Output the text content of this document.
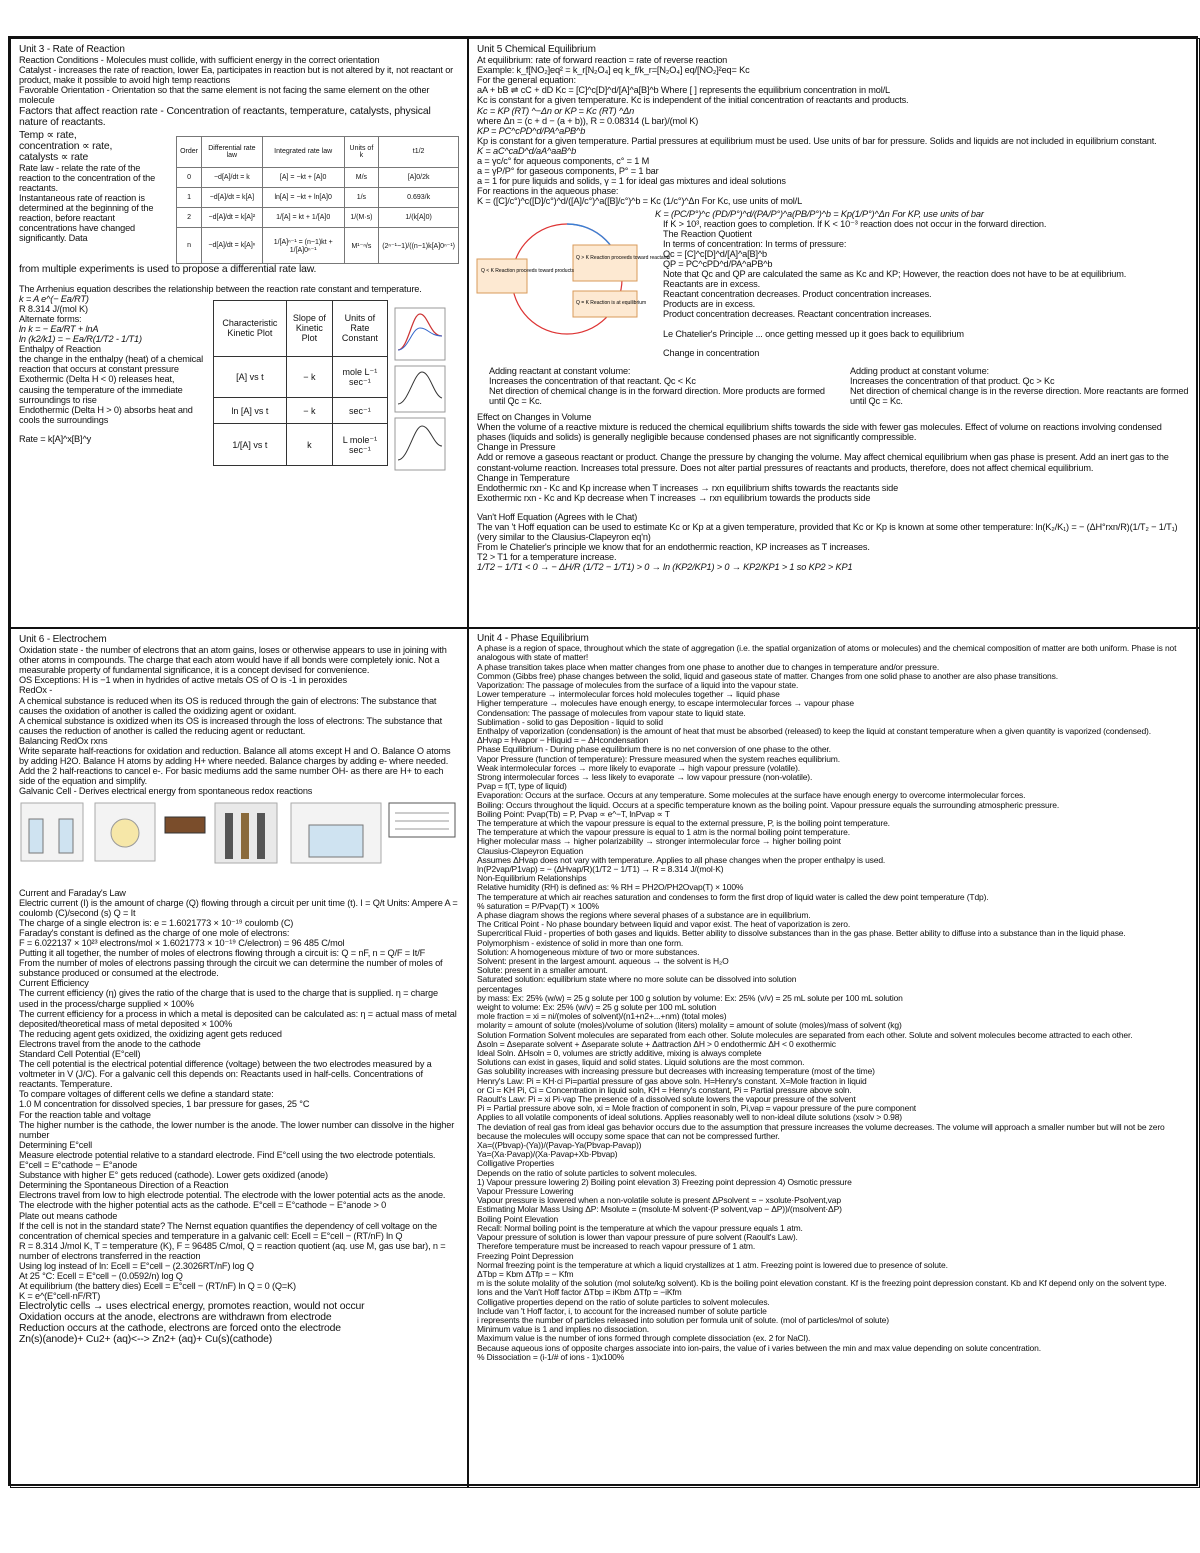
Unit 3 - Rate of Reaction

Reaction Conditions - Molecules must collide, with sufficient energy in the correct orientation

Catalyst - increases the rate of reaction, lower Ea, participates in reaction but is not altered by it, not reactant or product, make it possible to avoid high temp reactions

Favorable Orientation - Orientation so that the same element is not facing the same element on the other molecule

Factors that affect reaction rate - Concentration of reactants, temperature, catalysts, physical

nature of reactants.

Temp ∝ rate,

concentration ∝ rate,

catalysts ∝ rate

Rate law - relate the rate of the reaction to the concentration of the reactants.

Instantaneous rate of reaction is determined at the beginning of the reaction, before reactant concentrations have changed significantly. Data

Order	Differential rate law	Integrated rate law	Units of k	t1/2
0	−d[A]/dt = k	[A] = −kt + [A]0	M/s	[A]0/2k
1	−d[A]/dt = k[A]	ln[A] = −kt + ln[A]0	1/s	0.693/k
2	−d[A]/dt = k[A]²	1/[A] = kt + 1/[A]0	1/(M·s)	1/(k[A]0)
n	−d[A]/dt = k[A]ⁿ	1/[A]ⁿ⁻¹ = (n−1)kt + 1/[A]0ⁿ⁻¹	M¹⁻ⁿ/s	(2ⁿ⁻¹−1)/((n−1)k[A]0ⁿ⁻¹)

from multiple experiments is used to propose a differential rate law.

The Arrhenius equation describes the relationship between the reaction rate constant and temperature.

k = A e^(− Ea/RT)

R 8.314 J/(mol K)

Alternate forms:

ln k = − Ea/RT + lnA

ln (k2/k1) = − Ea/R(1/T2 - 1/T1)

Enthalpy of Reaction

the change in the enthalpy (heat) of a chemical reaction that occurs at constant pressure

Exothermic (Delta H < 0) releases heat, causing the temperature of the immediate surroundings to rise

Endothermic (Delta H > 0) absorbs heat and cools the surroundings

Rate = k[A]^x[B]^y

Characteristic Kinetic Plot	Slope of Kinetic Plot	Units of Rate Constant
[A] vs t	− k	mole L⁻¹ sec⁻¹
ln [A] vs t	− k	sec⁻¹
1/[A] vs t	k	L mole⁻¹ sec⁻¹

Unit 5 Chemical Equilibrium

At equilibrium: rate of forward reaction = rate of reverse reaction

Example: k_f[NO₂]eq² = k_r[N₂O₄] eq k_f/k_r=[N₂O₄] eq/[NO₂]²eq= Kc

For the general equation:

aA + bB ⇌ cC + dD Kc = [C]^c[D]^d/[A]^a[B]^b Where [ ] represents the equilibrium concentration in mol/L

Kc is constant for a given temperature. Kc is independent of the initial concentration of reactants and products.

Kc = KP (RT) ^−Δn or KP = Kc (RT) ^Δn

where Δn = (c + d − (a + b)), R = 0.08314 (L bar)/(mol K)

KP = PC^cPD^d/PA^aPB^b

Kp is constant for a given temperature. Partial pressures at equilibrium must be used. Use units of bar for pressure. Solids and liquids are not included in equilibrium constant.

K = aC^caD^d/aA^aaB^b

a = γc/c° for aqueous components, c° = 1 M

a = γP/P° for gaseous components, P° = 1 bar

a = 1 for pure liquids and solids, γ = 1 for ideal gas mixtures and ideal solutions

For reactions in the aqueous phase:

K = ([C]/c°)^c([D]/c°)^d/([A]/c°)^a([B]/c°)^b = Kc (1/c°)^Δn For Kc, use units of mol/L

Q < K Reaction proceeds toward products
Q > K Reaction proceeds toward reactants
Q = K Reaction is at equilibrium

K = (PC/P°)^c (PD/P°)^d/(PA/P°)^a(PB/P°)^b = Kp(1/P°)^Δn For KP, use units of bar

If K > 10³, reaction goes to completion. If K < 10⁻³ reaction does not occur in the forward direction.

The Reaction Quotient

In terms of concentration: In terms of pressure:

Qc = [C]^c[D]^d/[A]^a[B]^b

QP = PC^cPD^d/PA^aPB^b

Note that Qc and QP are calculated the same as Kc and KP; However, the reaction does not have to be at equilibrium.

Reactants are in excess.

Reactant concentration decreases. Product concentration increases.

Products are in excess.

Product concentration decreases. Reactant concentration increases.

Le Chatelier's Principle ... once getting messed up it goes back to equilibrium

Change in concentration

Adding reactant at constant volume:

Increases the concentration of that reactant. Qc < Kc

Net direction of chemical change is in the forward direction. More products are formed until Qc = Kc.

Adding product at constant volume:

Increases the concentration of that product. Qc > Kc

Net direction of chemical change is in the reverse direction. More reactants are formed until Qc = Kc.

Effect on Changes in Volume

When the volume of a reactive mixture is reduced the chemical equilibrium shifts towards the side with fewer gas molecules. Effect of volume on reactions involving condensed phases (liquids and solids) is generally negligible because condensed phases are not significantly compressible.

Change in Pressure

Add or remove a gaseous reactant or product. Change the pressure by changing the volume. May affect chemical equilibrium when gas phase is present. Add an inert gas to the constant-volume reaction. Increases total pressure. Does not alter partial pressures of reactants and products, therefore, does not affect chemical equilibrium.

Change in Temperature

Endothermic rxn - Kc and Kp increase when T increases → rxn equilibrium shifts towards the reactants side

Exothermic rxn - Kc and Kp decrease when T increases → rxn equilibrium towards the products side

Van't Hoff Equation (Agrees with le Chat)

The van 't Hoff equation can be used to estimate Kc or Kp at a given temperature, provided that Kc or Kp is known at some other temperature: ln(K₂/K₁) = − (ΔH°rxn/R)(1/T₂ − 1/T₁) (very similar to the Clausius-Clapeyron eq'n)

From le Chatelier's principle we know that for an endothermic reaction, KP increases as T increases.

T2 > T1 for a temperature increase.

1/T2 − 1/T1 < 0 → − ΔH/R (1/T2 − 1/T1) > 0 → ln (KP2/KP1) > 0 → KP2/KP1 > 1 so KP2 > KP1

Unit 6 - Electrochem

Oxidation state - the number of electrons that an atom gains, loses or otherwise appears to use in joining with other atoms in compounds. The charge that each atom would have if all bonds were completely ionic. Not a measurable property of fundamental significance, it is a concept devised for convenience.

OS Exceptions: H is −1 when in hydrides of active metals OS of O is -1 in peroxides

RedOx -

A chemical substance is reduced when its OS is reduced through the gain of electrons: The substance that causes the oxidation of another is called the oxidizing agent or oxidant.

A chemical substance is oxidized when its OS is increased through the loss of electrons: The substance that causes the reduction of another is called the reducing agent or reductant.

Balancing RedOx rxns

Write separate half-reactions for oxidation and reduction. Balance all atoms except H and O. Balance O atoms by adding H2O. Balance H atoms by adding H+ where needed. Balance charges by adding e- where needed. Add the 2 half-reactions to cancel e-. For basic mediums add the same number OH- as there are H+ to each side of the equation and simplify.

Galvanic Cell - Derives electrical energy from spontaneous redox reactions

Current and Faraday's Law

Electric current (I) is the amount of charge (Q) flowing through a circuit per unit time (t). I = Q/t Units: Ampere A = coulomb (C)/second (s) Q = It

The charge of a single electron is: e = 1.6021773 × 10⁻¹⁹ coulomb (C)

Faraday's constant is defined as the charge of one mole of electrons:

F = 6.022137 × 10²³ electrons/mol × 1.6021773 × 10⁻¹⁹ C/electron) = 96 485 C/mol

Putting it all together, the number of moles of electrons flowing through a circuit is: Q = nF, n = Q/F = It/F

From the number of moles of electrons passing through the circuit we can determine the number of moles of substance produced or consumed at the electrode.

Current Efficiency

The current efficiency (η) gives the ratio of the charge that is used to the charge that is supplied. η = charge used in the process/charge supplied × 100%

The current efficiency for a process in which a metal is deposited can be calculated as: η = actual mass of metal deposited/theoretical mass of metal deposited × 100%

The reducing agent gets oxidized, the oxidizing agent gets reduced

Electrons travel from the anode to the cathode

Standard Cell Potential (E°cell)

The cell potential is the electrical potential difference (voltage) between the two electrodes measured by a voltmeter in V (J/C). For a galvanic cell this depends on: Reactants used in half-cells. Concentrations of reactants. Temperature.

To compare voltages of different cells we define a standard state:

1.0 M concentration for dissolved species, 1 bar pressure for gases, 25 °C

For the reaction table and voltage

The higher number is the cathode, the lower number is the anode. The lower number can dissolve in the higher number

Determining E°cell

Measure electrode potential relative to a standard electrode. Find E°cell using the two electrode potentials. E°cell = E°cathode − E°anode

Substance with higher E° gets reduced (cathode). Lower gets oxidized (anode)

Determining the Spontaneous Direction of a Reaction

Electrons travel from low to high electrode potential. The electrode with the lower potential acts as the anode. The electrode with the higher potential acts as the cathode. E°cell = E°cathode − E°anode > 0

Plate out means cathode

If the cell is not in the standard state? The Nernst equation quantifies the dependency of cell voltage on the concentration of chemical species and temperature in a galvanic cell: Ecell = E°cell − (RT/nF) ln Q

R = 8.314 J/mol K, T = temperature (K), F = 96485 C/mol, Q = reaction quotient (aq. use M, gas use bar), n = number of electrons transferred in the reaction

Using log instead of ln: Ecell = E°cell − (2.3026RT/nF) log Q

At 25 °C: Ecell = E°cell − (0.0592/n) log Q

At equilibrium (the battery dies) Ecell = E°cell − (RT/nF) ln Q = 0 (Q=K)

K = e^(E°cell·nF/RT)

Electrolytic cells → uses electrical energy, promotes reaction, would not occur

Oxidation occurs at the anode, electrons are withdrawn from electrode

Reduction occurs at the cathode, electrons are forced onto the electrode

Zn(s)(anode)+ Cu2+ (aq)<--> Zn2+ (aq)+ Cu(s)(cathode)

Unit 4 - Phase Equilibrium

A phase is a region of space, throughout which the state of aggregation (i.e. the spatial organization of atoms or molecules) and the chemical composition of matter are both uniform. Phase is not analogous with state of matter!

A phase transition takes place when matter changes from one phase to another due to changes in temperature and/or pressure.

Common (Gibbs free) phase changes between the solid, liquid and gaseous state of matter. Changes from one solid phase to another are also phase transitions.

Vaporization: The passage of molecules from the surface of a liquid into the vapour state.

Lower temperature → intermolecular forces hold molecules together → liquid phase

Higher temperature → molecules have enough energy, to escape intermolecular forces → vapour phase

Condensation: The passage of molecules from vapour state to liquid state.

Sublimation - solid to gas Deposition - liquid to solid

Enthalpy of vaporization (condensation) is the amount of heat that must be absorbed (released) to keep the liquid at constant temperature when a given quantity is vaporized (condensed).

ΔHvap = Hvapor − Hliquid = − ΔHcondensation

Phase Equilibrium - During phase equilibrium there is no net conversion of one phase to the other.

Vapor Pressure (function of temperature): Pressure measured when the system reaches equilibrium.

Weak intermolecular forces → more likely to evaporate → high vapour pressure (volatile).

Strong intermolecular forces → less likely to evaporate → low vapour pressure (non-volatile).

Pvap = f(T, type of liquid)

Evaporation: Occurs at the surface. Occurs at any temperature. Some molecules at the surface have enough energy to overcome intermolecular forces.

Boiling: Occurs throughout the liquid. Occurs at a specific temperature known as the boiling point. Vapour pressure equals the surrounding atmospheric pressure.

Boiling Point: Pvap(Tb) = P, Pvap ∝ e^−T, lnPvap ∝ T

The temperature at which the vapour pressure is equal to the external pressure, P, is the boiling point temperature.

The temperature at which the vapour pressure is equal to 1 atm is the normal boiling point temperature.

Higher molecular mass → higher polarizability → stronger intermolecular force → higher boiling point

Clausius-Clapeyron Equation

Assumes ΔHvap does not vary with temperature. Applies to all phase changes when the proper enthalpy is used.

ln(P2vap/P1vap) = − (ΔHvap/R)(1/T2 − 1/T1) → R = 8.314 J/(mol·K)

Non-Equilibrium Relationships

Relative humidity (RH) is defined as: % RH = PH2O/PH2Ovap(T) × 100%

The temperature at which air reaches saturation and condenses to form the first drop of liquid water is called the dew point temperature (Tdp).

% saturation = P/Pvap(T) × 100%

A phase diagram shows the regions where several phases of a substance are in equilibrium.

The Critical Point - No phase boundary between liquid and vapor exist. The heat of vaporization is zero.

Supercritical Fluid - properties of both gases and liquids. Better ability to dissolve substances than in the gas phase. Better ability to diffuse into a substance than in the liquid phase.

Polymorphism - existence of solid in more than one form.

Solution: A homogeneous mixture of two or more substances.

Solvent: present in the largest amount. aqueous → the solvent is H₂O

Solute: present in a smaller amount.

Saturated solution: equilibrium state where no more solute can be dissolved into solution

percentages

by mass: Ex: 25% (w/w) = 25 g solute per 100 g solution by volume: Ex: 25% (v/v) = 25 mL solute per 100 mL solution

weight to volume: Ex: 25% (w/v) = 25 g solute per 100 mL solution

mole fraction = xi = ni/(moles of solvent)/(n1+n2+...+nm) (total moles)

molarity = amount of solute (moles)/volume of solution (liters) molality = amount of solute (moles)/mass of solvent (kg)

Solution Formation Solvent molecules are separated from each other. Solute molecules are separated from each other. Solute and solvent molecules become attracted to each other.

Δsoln = Δseparate solvent + Δseparate solute + Δattraction ΔH > 0 endothermic ΔH < 0 exothermic

Ideal Soln. ΔHsoln = 0, volumes are strictly additive, mixing is always complete

Solutions can exist in gases, liquid and solid states. Liquid solutions are the most common.

Gas solubility increases with increasing pressure but decreases with increasing temperature (most of the time)

Henry's Law: Pi = KH·ci Pi=partial pressure of gas above soln. H=Henry's constant. X=Mole fraction in liquid

or Ci = KH Pi, Ci = Concentration in liquid soln, KH = Henry's constant, Pi = Partial pressure above soln.

Raoult's Law: Pi = xi Pi·vap The presence of a dissolved solute lowers the vapour pressure of the solvent

Pi = Partial pressure above soln, xi = Mole fraction of component in soln, Pi,vap = vapour pressure of the pure component

Applies to all volatile components of ideal solutions. Applies reasonably well to non-ideal dilute solutions (xsolv > 0.98)

The deviation of real gas from ideal gas behavior occurs due to the assumption that pressure increases the volume decreases. The volume will approach a smaller number but will not be zero because the molecules will occupy some space that can not be compressed further.

Xa=((Pbvap)-(Ya))/(Pavap-Ya(Pbvap-Pavap))

Ya=(Xa·Pavap)/(Xa·Pavap+Xb·Pbvap)

Colligative Properties

Depends on the ratio of solute particles to solvent molecules.

1) Vapour pressure lowering 2) Boiling point elevation 3) Freezing point depression 4) Osmotic pressure

Vapour Pressure Lowering

Vapour pressure is lowered when a non-volatile solute is present ΔPsolvent = − xsolute·Psolvent,vap

Estimating Molar Mass Using ΔP: Msolute = (msolute·M solvent·(P solvent,vap − ΔP))/(msolvent·ΔP)

Boiling Point Elevation

Recall: Normal boiling point is the temperature at which the vapour pressure equals 1 atm.

Vapour pressure of solution is lower than vapour pressure of pure solvent (Raoult's Law).

Therefore temperature must be increased to reach vapour pressure of 1 atm.

Freezing Point Depression

Normal freezing point is the temperature at which a liquid crystallizes at 1 atm. Freezing point is lowered due to presence of solute.

ΔTbp = Kbm ΔTfp = − Kfm

m is the solute molality of the solution (mol solute/kg solvent). Kb is the boiling point elevation constant. Kf is the freezing point depression constant. Kb and Kf depend only on the solvent type.

Ions and the Van't Hoff factor ΔTbp = iKbm ΔTfp = −iKfm

Colligative properties depend on the ratio of solute particles to solvent molecules.

Include van 't Hoff factor, i, to account for the increased number of solute particle

i represents the number of particles released into solution per formula unit of solute. (mol of particles/mol of solute)

Minimum value is 1 and implies no dissociation.

Maximum value is the number of ions formed through complete dissociation (ex. 2 for NaCl).

Because aqueous ions of opposite charges associate into ion-pairs, the value of i varies between the min and max value depending on solute concentration.

% Dissociation = (i-1/# of ions - 1)x100%
